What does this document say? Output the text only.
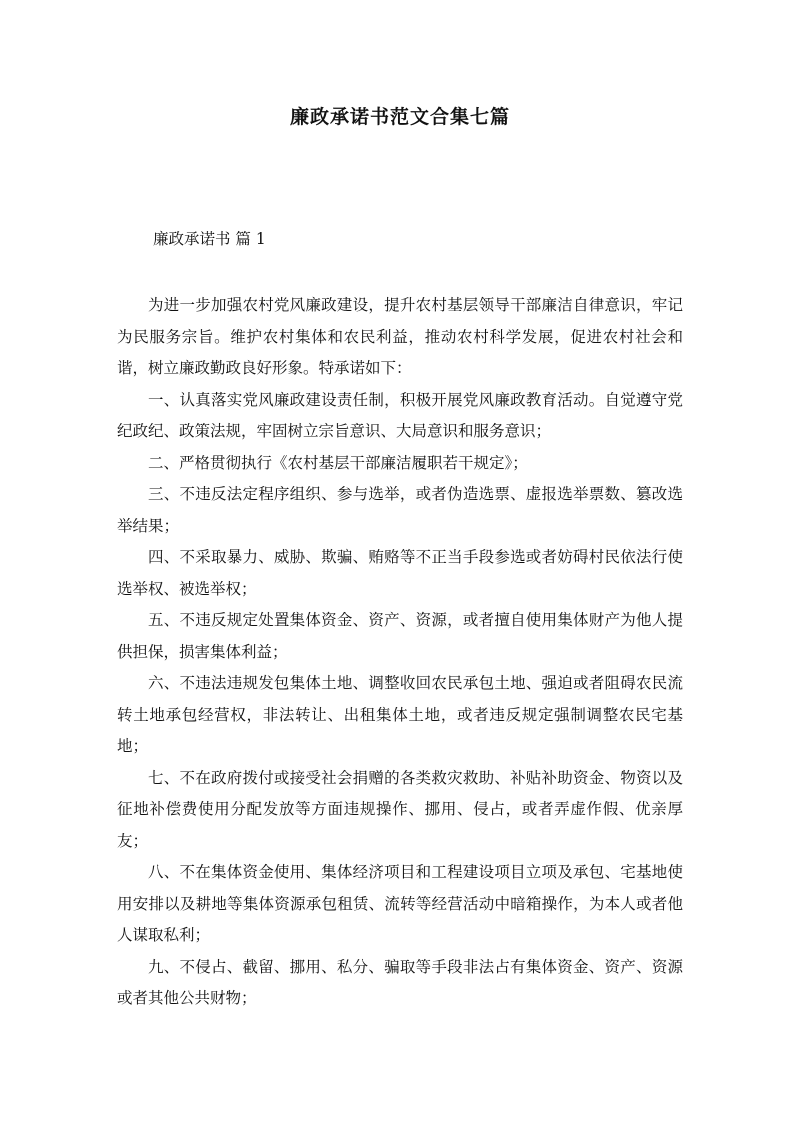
廉政承诺书范文合集七篇
廉政承诺书 篇 1

为进一步加强农村党风廉政建设，提升农村基层领导干部廉洁自律意识，牢记为民服务宗旨。维护农村集体和农民利益，推动农村科学发展，促进农村社会和谐，树立廉政勤政良好形象。特承诺如下：

一、认真落实党风廉政建设责任制，积极开展党风廉政教育活动。自觉遵守党纪政纪、政策法规，牢固树立宗旨意识、大局意识和服务意识；

二、严格贯彻执行《农村基层干部廉洁履职若干规定》；

三、不违反法定程序组织、参与选举，或者伪造选票、虚报选举票数、篡改选举结果；

四、不采取暴力、威胁、欺骗、贿赂等不正当手段参选或者妨碍村民依法行使选举权、被选举权；

五、不违反规定处置集体资金、资产、资源，或者擅自使用集体财产为他人提供担保，损害集体利益；

六、不违法违规发包集体土地、调整收回农民承包土地、强迫或者阻碍农民流转土地承包经营权，非法转让、出租集体土地，或者违反规定强制调整农民宅基地；

七、不在政府拨付或接受社会捐赠的各类救灾救助、补贴补助资金、物资以及征地补偿费使用分配发放等方面违规操作、挪用、侵占，或者弄虚作假、优亲厚友；

八、不在集体资金使用、集体经济项目和工程建设项目立项及承包、宅基地使用安排以及耕地等集体资源承包租赁、流转等经营活动中暗箱操作，为本人或者他人谋取私利；

九、不侵占、截留、挪用、私分、骗取等手段非法占有集体资金、资产、资源或者其他公共财物；
